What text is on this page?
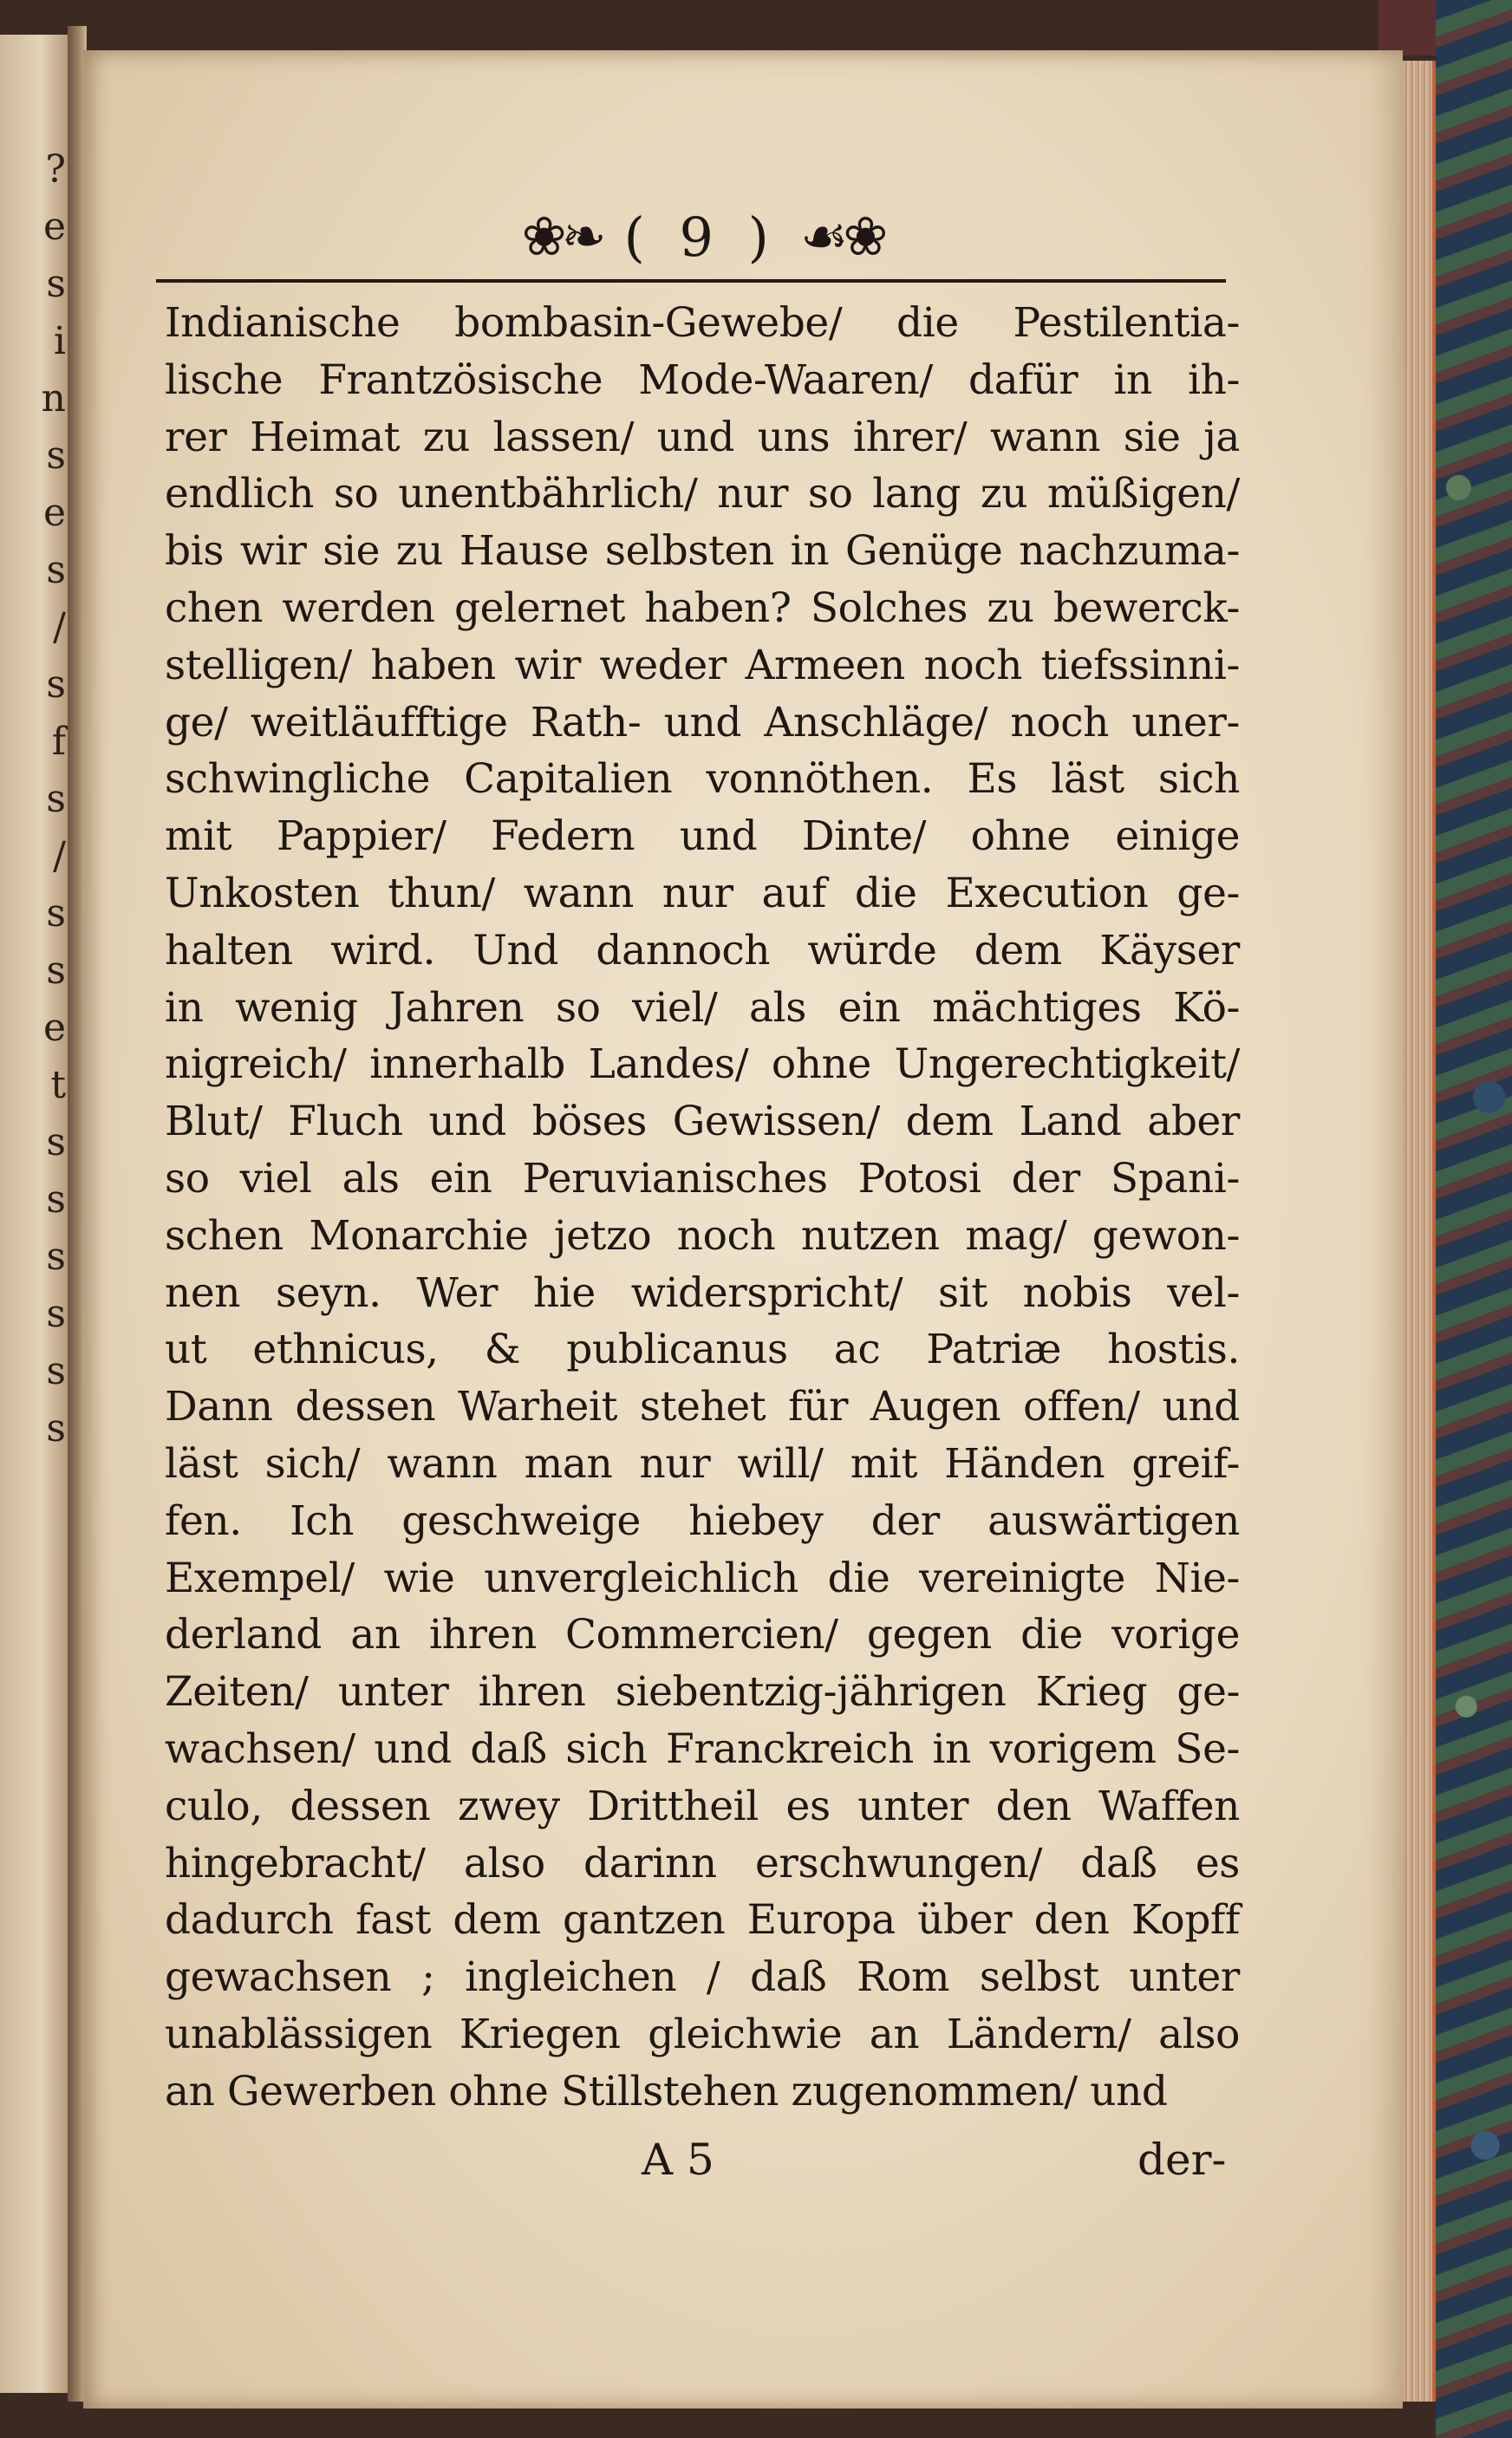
?
e
s
i
n
s
e
s
/
s
f
s
/
s
s
e
t
s
s
s
s
s
s
❀❧ ( 9 ) ☙❀
Indianische bombasin-Gewebe/ die Pestilentia-
lische Frantzösische Mode-Waaren/ dafür in ih-
rer Heimat zu lassen/ und uns ihrer/ wann sie ja
endlich so unentbährlich/ nur so lang zu müßigen/
bis wir sie zu Hause selbsten in Genüge nachzuma-
chen werden gelernet haben? Solches zu bewerck-
stelligen/ haben wir weder Armeen noch tiefssinni-
ge/ weitläufftige Rath- und Anschläge/ noch uner-
schwingliche Capitalien vonnöthen. Es läst sich
mit Pappier/ Federn und Dinte/ ohne einige
Unkosten thun/ wann nur auf die Execution ge-
halten wird. Und dannoch würde dem Käyser
in wenig Jahren so viel/ als ein mächtiges Kö-
nigreich/ innerhalb Landes/ ohne Ungerechtigkeit/
Blut/ Fluch und böses Gewissen/ dem Land aber
so viel als ein Peruvianisches Potosi der Spani-
schen Monarchie jetzo noch nutzen mag/ gewon-
nen seyn. Wer hie widerspricht/ sit nobis vel-
ut ethnicus, & publicanus ac Patriæ hostis.
Dann dessen Warheit stehet für Augen offen/ und
läst sich/ wann man nur will/ mit Händen greif-
fen. Ich geschweige hiebey der auswärtigen
Exempel/ wie unvergleichlich die vereinigte Nie-
derland an ihren Commercien/ gegen die vorige
Zeiten/ unter ihren siebentzig-jährigen Krieg ge-
wachsen/ und daß sich Franckreich in vorigem Se-
culo, dessen zwey Drittheil es unter den Waffen
hingebracht/ also darinn erschwungen/ daß es
dadurch fast dem gantzen Europa über den Kopff
gewachsen ; ingleichen / daß Rom selbst unter
unablässigen Kriegen gleichwie an Ländern/ also
an Gewerben ohne Stillstehen zugenommen/ und
A 5	der-
